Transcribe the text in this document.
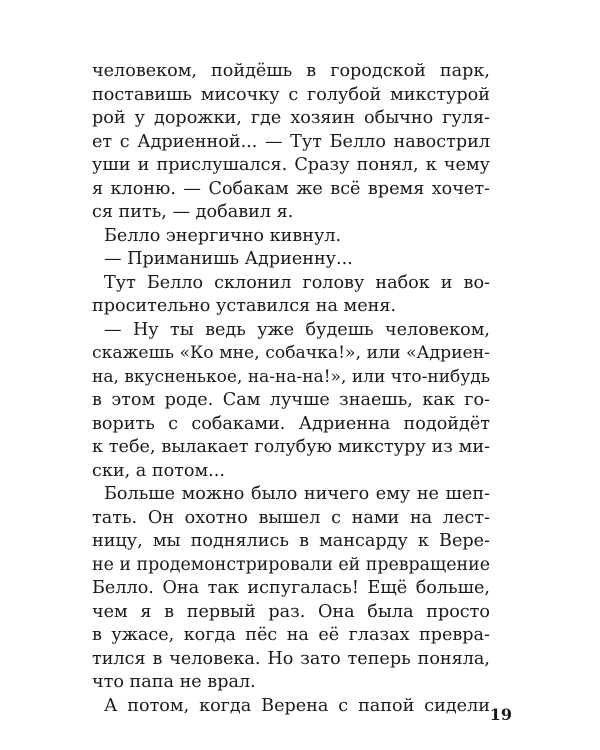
человеком, пойдёшь в городской парк,
поставишь мисочку с голубой микстурой
рой у дорожки, где хозяин обычно гуля-
ет с Адриенной... — Тут Белло навострил
уши и прислушался. Сразу понял, к чему
я клоню. — Собакам же всё время хочет-
ся пить, — добавил я.
Белло энергично кивнул.
— Приманишь Адриенну...
Тут Белло склонил голову набок и во-
просительно уставился на меня.
— Ну ты ведь уже будешь человеком,
скажешь «Ко мне, собачка!», или «Адриен-
на, вкусненькое, на-на-на!», или что-нибудь
в этом роде. Сам лучше знаешь, как го-
ворить с собаками. Адриенна подойдёт
к тебе, вылакает голубую микстуру из ми-
ски, а потом...
Больше можно было ничего ему не шеп-
тать. Он охотно вышел с нами на лест-
ницу, мы поднялись в мансарду к Вере-
не и продемонстрировали ей превращение
Белло. Она так испугалась! Ещё больше,
чем я в первый раз. Она была просто
в ужасе, когда пёс на её глазах превра-
тился в человека. Но зато теперь поняла,
что папа не врал.
А потом, когда Верена с папой сидели 19
